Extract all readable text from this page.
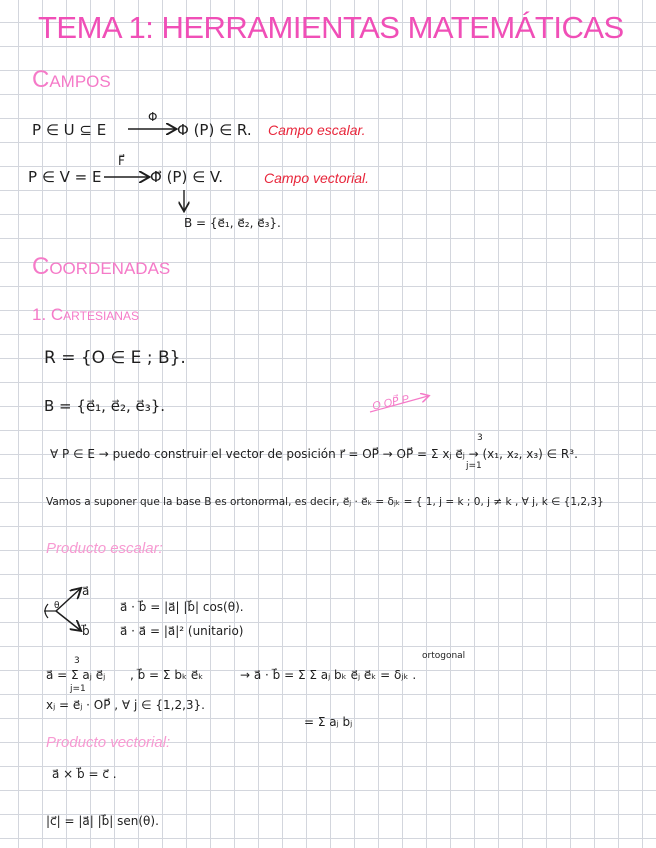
TEMA 1: HERRAMIENTAS MATEMÁTICAS
Campos
P ∈ U ⊆ E
Φ
Φ (P) ∈ R. Campo escalar.
P ∈ V = E
F⃗
Φ⃗ (P) ∈ V.	Campo vectorial.
B = {e⃗₁, e⃗₂, e⃗₃}.
Coordenadas
1. Cartesianas
R = {O ∈ E ; B}.
B = {e⃗₁, e⃗₂, e⃗₃}.	O OP⃗ P
∀ P ∈ E → puedo construir el vector de posición r⃗ = OP⃗ → OP⃗ = Σ xⱼ e⃗ⱼ → (x₁, x₂, x₃) ∈ R³.
3
j=1
Vamos a suponer que la base B es ortonormal, es decir, e⃗ⱼ · e⃗ₖ = δⱼₖ = { 1, j = k ; 0, j ≠ k , ∀ j, k ∈ {1,2,3}
Producto escalar:
a⃗
b⃗
θ	a⃗ · b⃗ = |a⃗| |b⃗| cos(θ).
a⃗ · a⃗ = |a⃗|² (unitario)
a⃗ = Σ aⱼ e⃗ⱼ
3
j=1
, b⃗ = Σ bₖ e⃗ₖ	→ a⃗ · b⃗ = Σ Σ aⱼ bₖ e⃗ⱼ e⃗ₖ = δⱼₖ .
ortogonal
xⱼ = e⃗ⱼ · OP⃗ , ∀ j ∈ {1,2,3}.
= Σ aⱼ bⱼ
Producto vectorial:
a⃗ × b⃗ = c⃗ .
|c⃗| = |a⃗| |b⃗| sen(θ).
